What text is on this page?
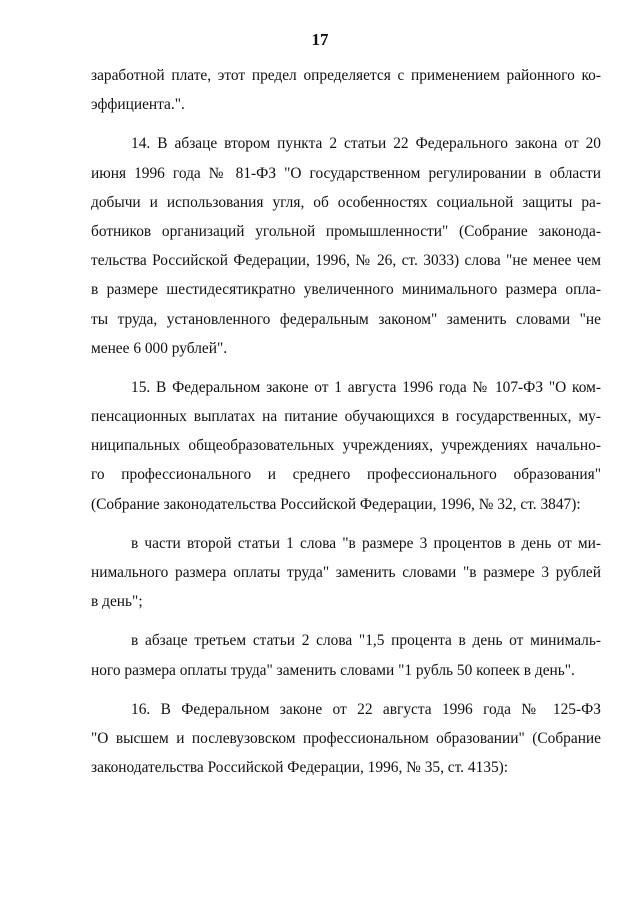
17
заработной плате, этот предел определяется с применением районного ко-
эффициента.".
14. В абзаце втором пункта 2 статьи 22 Федерального закона от 20
июня 1996 года № 81-ФЗ "О государственном регулировании в области
добычи и использования угля, об особенностях социальной защиты ра-
ботников организаций угольной промышленности" (Собрание законода-
тельства Российской Федерации, 1996, № 26, ст. 3033) слова "не менее чем
в размере шестидесятикратно увеличенного минимального размера опла-
ты труда, установленного федеральным законом" заменить словами "не
менее 6 000 рублей".
15. В Федеральном законе от 1 августа 1996 года № 107-ФЗ "О ком-
пенсационных выплатах на питание обучающихся в государственных, му-
ниципальных общеобразовательных учреждениях, учреждениях начально-
го профессионального и среднего профессионального образования"
(Собрание законодательства Российской Федерации, 1996, № 32, ст. 3847):
в части второй статьи 1 слова "в размере 3 процентов в день от ми-
нимального размера оплаты труда" заменить словами "в размере 3 рублей
в день";
в абзаце третьем статьи 2 слова "1,5 процента в день от минималь-
ного размера оплаты труда" заменить словами "1 рубль 50 копеек в день".
16. В Федеральном законе от 22 августа 1996 года № 125-ФЗ
"О высшем и послевузовском профессиональном образовании" (Собрание
законодательства Российской Федерации, 1996, № 35, ст. 4135):
